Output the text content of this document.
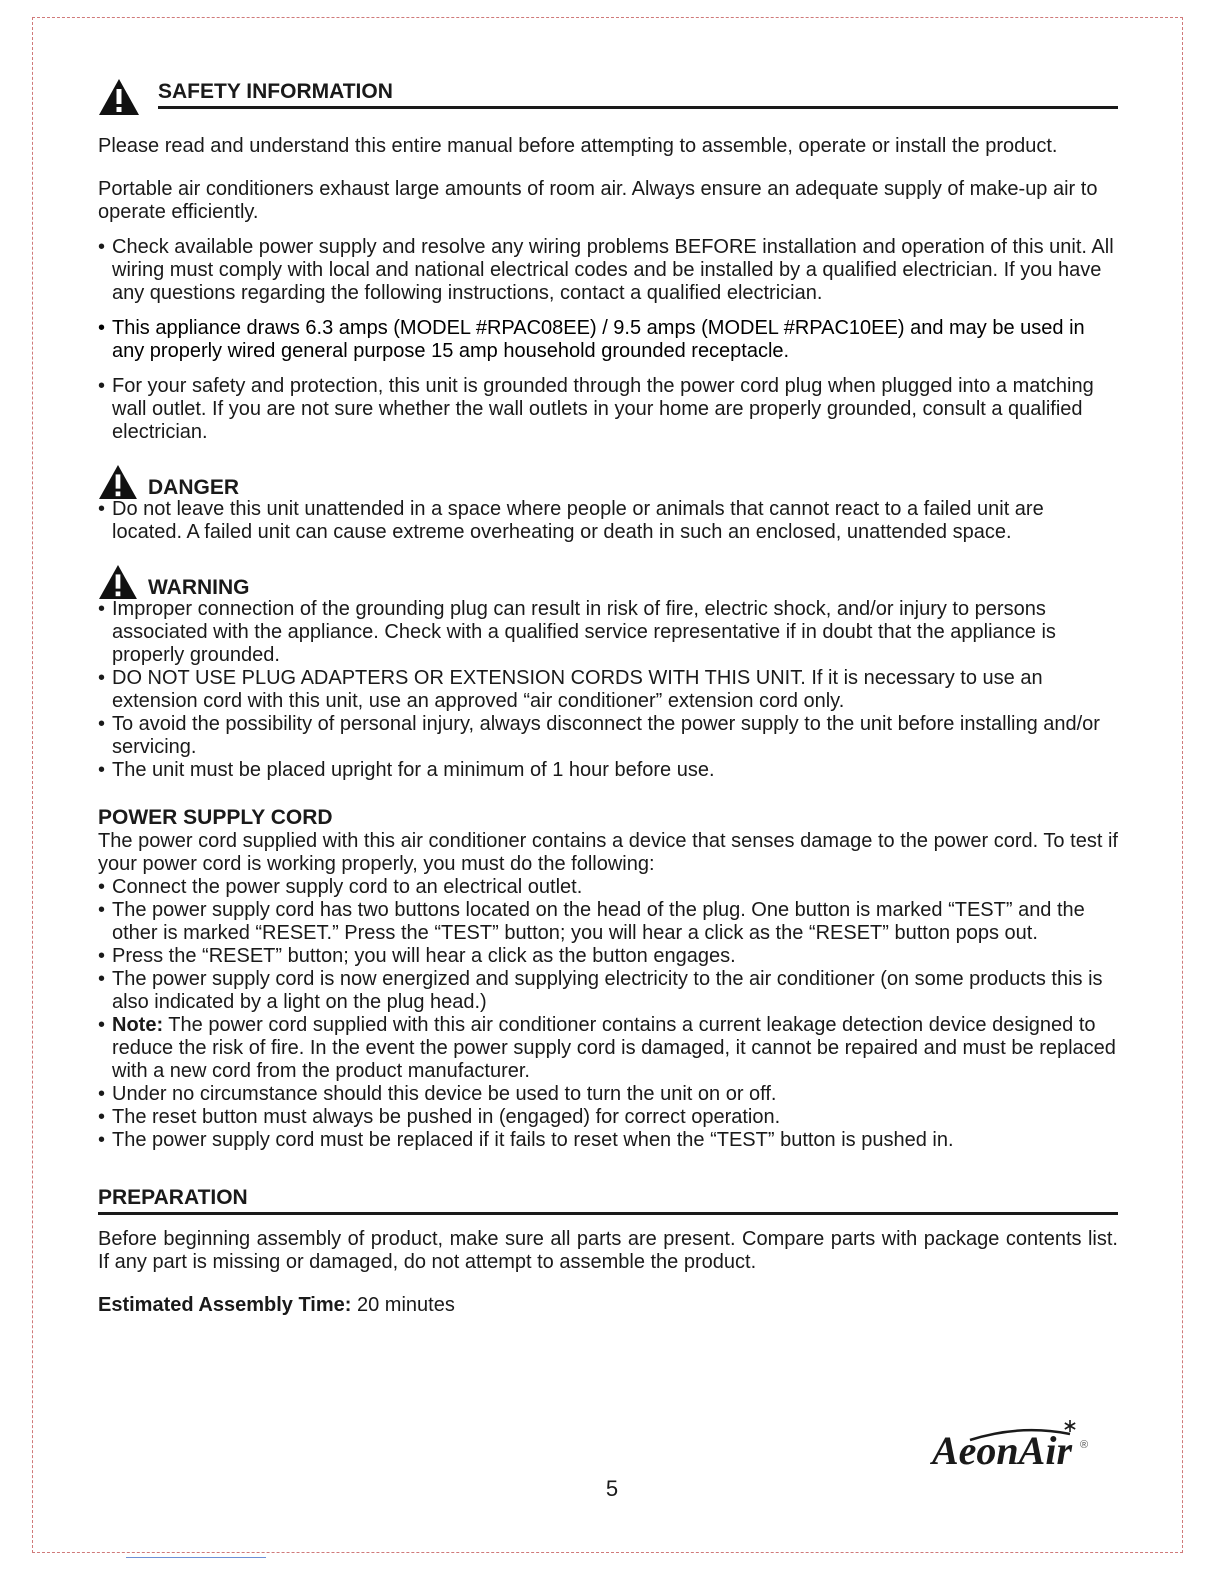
SAFETY INFORMATION

Please read and understand this entire manual before attempting to assemble, operate or install the product.

Portable air conditioners exhaust large amounts of room air. Always ensure an adequate supply of make-up air to operate efficiently.

• Check available power supply and resolve any wiring problems BEFORE installation and operation of this unit. All wiring must comply with local and national electrical codes and be installed by a qualified electrician. If you have any questions regarding the following instructions, contact a qualified electrician.
• This appliance draws 6.3 amps (MODEL #RPAC08EE) / 9.5 amps (MODEL #RPAC10EE) and may be used in any properly wired general purpose 15 amp household grounded receptacle.
• For your safety and protection, this unit is grounded through the power cord plug when plugged into a matching wall outlet. If you are not sure whether the wall outlets in your home are properly grounded, consult a qualified electrician.
DANGER
• Do not leave this unit unattended in a space where people or animals that cannot react to a failed unit are located. A failed unit can cause extreme overheating or death in such an enclosed, unattended space.
WARNING
• Improper connection of the grounding plug can result in risk of fire, electric shock, and/or injury to persons associated with the appliance. Check with a qualified service representative if in doubt that the appliance is properly grounded.
• DO NOT USE PLUG ADAPTERS OR EXTENSION CORDS WITH THIS UNIT. If it is necessary to use an extension cord with this unit, use an approved “air conditioner” extension cord only.
• To avoid the possibility of personal injury, always disconnect the power supply to the unit before installing and/or servicing.
• The unit must be placed upright for a minimum of 1 hour before use.
POWER SUPPLY CORD

The power cord supplied with this air conditioner contains a device that senses damage to the power cord. To test if your power cord is working properly, you must do the following:

• Connect the power supply cord to an electrical outlet.
• The power supply cord has two buttons located on the head of the plug. One button is marked “TEST” and the other is marked “RESET.” Press the “TEST” button; you will hear a click as the “RESET” button pops out.
• Press the “RESET” button; you will hear a click as the button engages.
• The power supply cord is now energized and supplying electricity to the air conditioner (on some products this is also indicated by a light on the plug head.)
• Note: The power cord supplied with this air conditioner contains a current leakage detection device designed to reduce the risk of fire. In the event the power supply cord is damaged, it cannot be repaired and must be replaced with a new cord from the product manufacturer.
• Under no circumstance should this device be used to turn the unit on or off.
• The reset button must always be pushed in (engaged) for correct operation.
• The power supply cord must be replaced if it fails to reset when the “TEST” button is pushed in.
PREPARATION

Before beginning assembly of product, make sure all parts are present. Compare parts with package contents list. If any part is missing or damaged, do not attempt to assemble the product.

Estimated Assembly Time: 20 minutes

AeonAir ®
5
